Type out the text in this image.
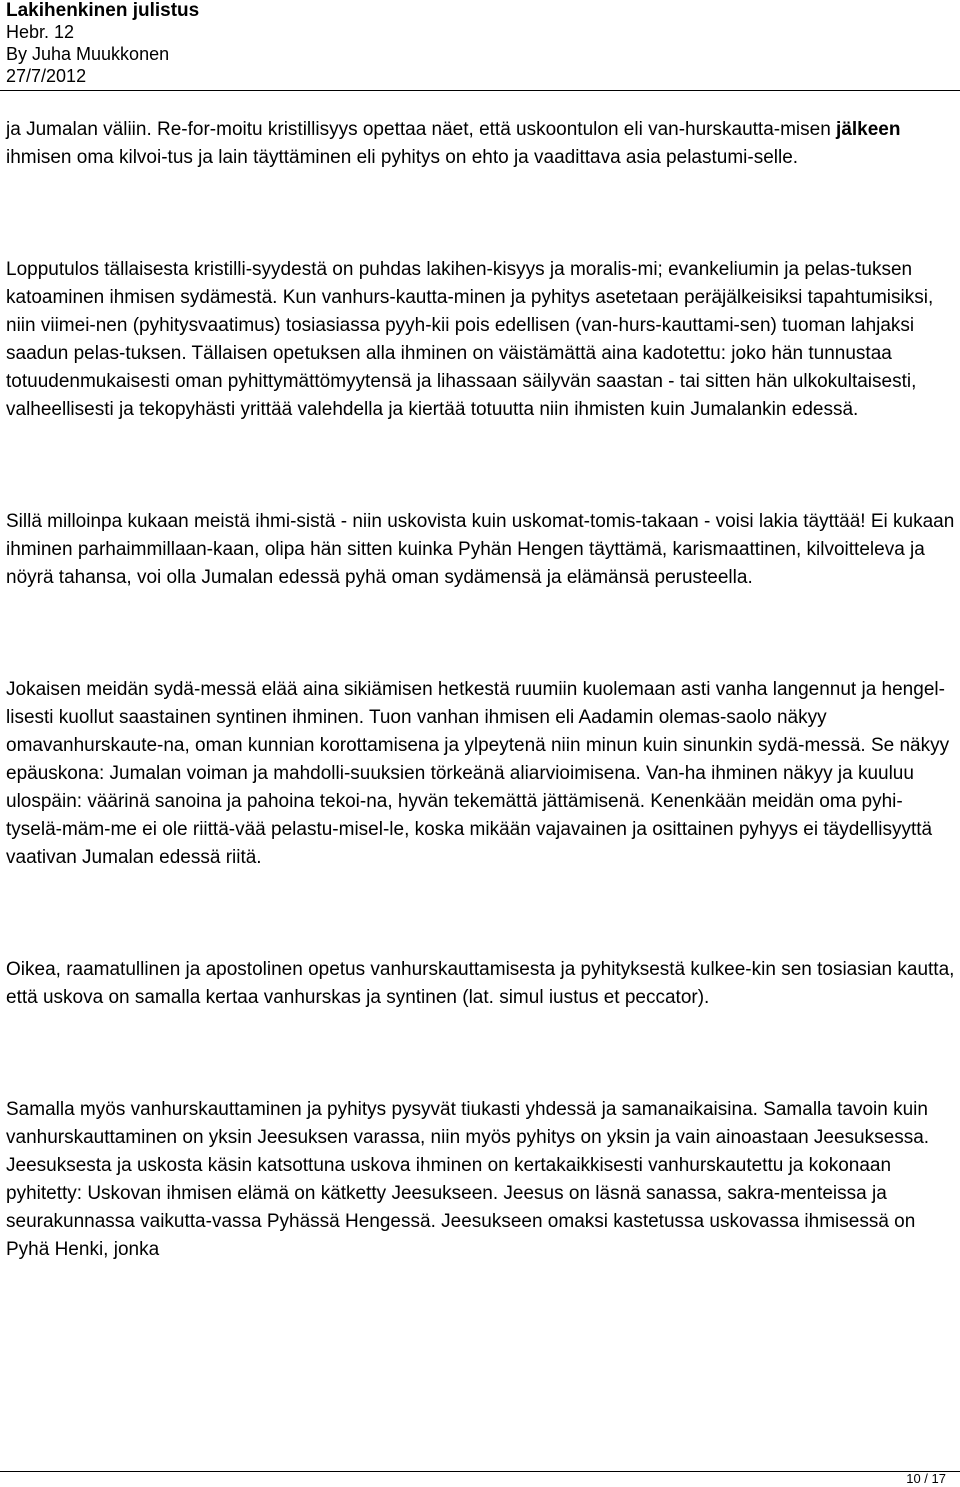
Lakihenkinen julistus
Hebr. 12
By Juha Muukkonen
27/7/2012

ja Jumalan väliin. Re-for-moitu kristillisyys opettaa näet, että uskoontulon eli van-hurskautta-misen jälkeen ihmisen oma kilvoi-tus ja lain täyttäminen eli pyhitys on ehto ja vaadittava asia pelastumi-selle.

Lopputulos tällaisesta kristilli-syydestä on puhdas lakihen-kisyys ja moralis-mi; evankeliumin ja pelas-tuksen katoaminen ihmisen sydämestä. Kun vanhurs-kautta-minen ja pyhitys asetetaan peräjälkeisiksi tapahtumisiksi, niin viimei-nen (pyhitysvaatimus) tosiasiassa pyyh-kii pois edellisen (van-hurs-kauttami-sen) tuoman lahjaksi saadun pelas-tuksen. Tällaisen opetuksen alla ihminen on väistämättä aina kadotettu: joko hän tunnustaa totuudenmukaisesti oman pyhittymättömyytensä ja lihassaan säilyvän saastan - tai sitten hän ulkokultaisesti, valheellisesti ja tekopyhästi yrittää valehdella ja kiertää totuutta niin ihmisten kuin Jumalankin edessä.

Sillä milloinpa kukaan meistä ihmi-sistä - niin uskovista kuin uskomat-tomis-takaan - voisi lakia täyttää! Ei kukaan ihminen parhaimmillaan-kaan, olipa hän sitten kuinka Pyhän Hengen täyttämä, karismaattinen, kilvoitteleva ja nöyrä tahansa, voi olla Jumalan edessä pyhä oman sydämensä ja elämänsä perusteella.

Jokaisen meidän sydä-messä elää aina sikiämisen hetkestä ruumiin kuolemaan asti vanha langennut ja hengel-lisesti kuollut saastainen syntinen ihminen. Tuon vanhan ihmisen eli Aadamin olemas-saolo näkyy omavanhurskaute-na, oman kunnian korottamisena ja ylpeytenä niin minun kuin sinunkin sydä-messä. Se näkyy epäuskona: Jumalan voiman ja mahdolli-suuksien törkeänä aliarvioimisena. Van-ha ihminen näkyy ja kuuluu ulospäin: väärinä sanoina ja pahoina tekoi-na, hyvän tekemättä jättämisenä. Kenenkään meidän oma pyhi-tyselä-mäm-me ei ole riittä-vää pelastu-misel-le, koska mikään vajavainen ja osittainen pyhyys ei täydellisyyttä vaativan Jumalan edessä riitä.

Oikea, raamatullinen ja apostolinen opetus vanhurskauttamisesta ja pyhityksestä kulkee-kin sen tosiasian kautta, että uskova on samalla kertaa vanhurskas ja syntinen (lat. simul iustus et peccator).

Samalla myös vanhurskauttaminen ja pyhitys pysyvät tiukasti yhdessä ja samanaikaisina. Samalla tavoin kuin vanhurskauttaminen on yksin Jeesuksen varassa, niin myös pyhitys on yksin ja vain ainoastaan Jeesuksessa. Jeesuksesta ja uskosta käsin katsottuna uskova ihminen on kertakaikkisesti vanhurskautettu ja kokonaan pyhitetty: Uskovan ihmisen elämä on kätketty Jeesukseen. Jeesus on läsnä sanassa, sakra-menteissa ja seurakunnassa vaikutta-vassa Pyhässä Hengessä. Jeesukseen omaksi kastetussa uskovassa ihmisessä on Pyhä Henki, jonka

10 / 17
